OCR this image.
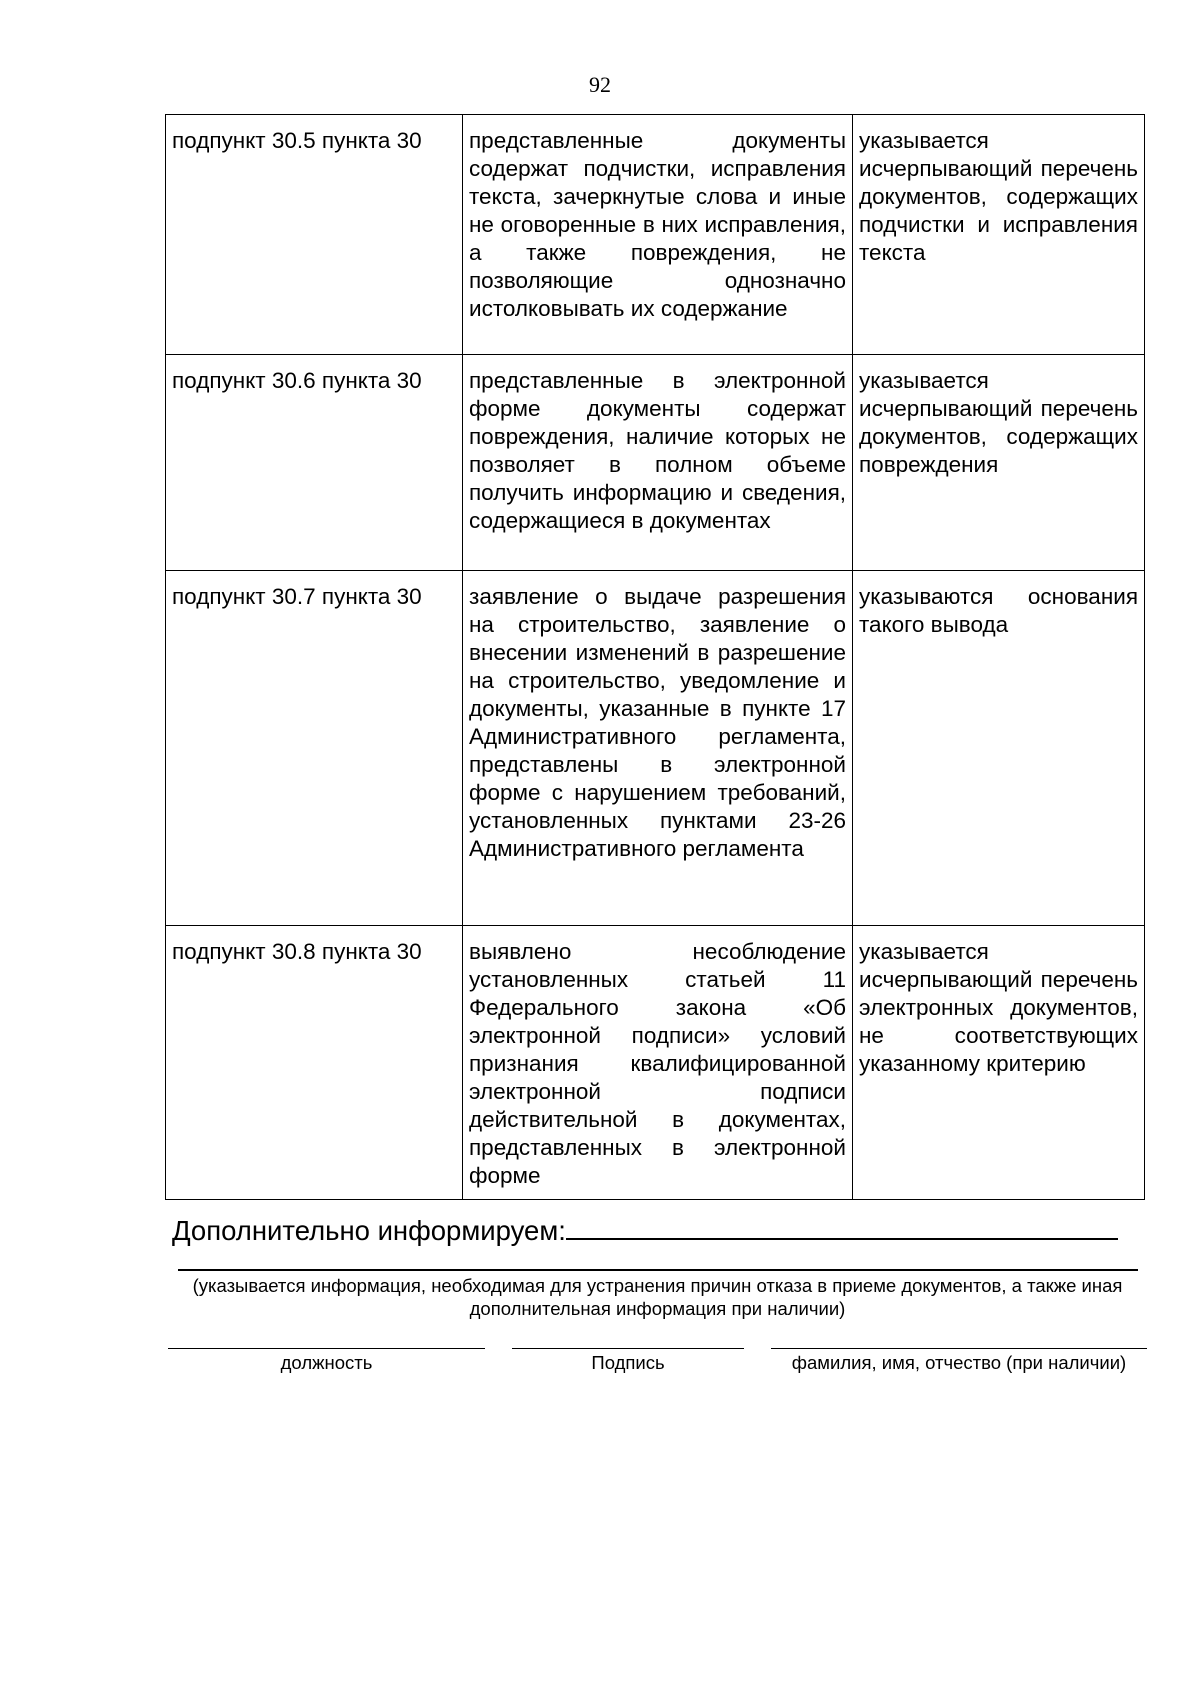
92
подпункт 30.5 пункта 30	представленные документы содержат подчистки, исправления текста, зачеркнутые слова и иные не оговоренные в них исправления, а также повреждения, не позволяющие однозначно истолковывать их содержание	указывается исчерпывающий перечень документов, содержащих подчистки и исправления текста
подпункт 30.6 пункта 30	представленные в электронной форме документы содержат повреждения, наличие которых не позволяет в полном объеме получить информацию и сведения, содержащиеся в документах	указывается исчерпывающий перечень документов, содержащих повреждения
подпункт 30.7 пункта 30	заявление о выдаче разрешения на строительство, заявление о внесении изменений в разрешение на строительство, уведомление и документы, указанные в пункте 17 Административного регламента, представлены в электронной форме с нарушением требований, установленных пунктами 23-26 Административного регламента	указываются основания такого вывода
подпункт 30.8 пункта 30	выявлено несоблюдение установленных статьей 11 Федерального закона «Об электронной подписи» условий признания квалифицированной электронной подписи действительной в документах, представленных в электронной форме	указывается исчерпывающий перечень электронных документов, не соответствующих указанному критерию
Дополнительно информируем:
(указывается информация, необходимая для устранения причин отказа в приеме документов, а также иная дополнительная информация при наличии)
должность	Подпись	фамилия, имя, отчество (при наличии)
